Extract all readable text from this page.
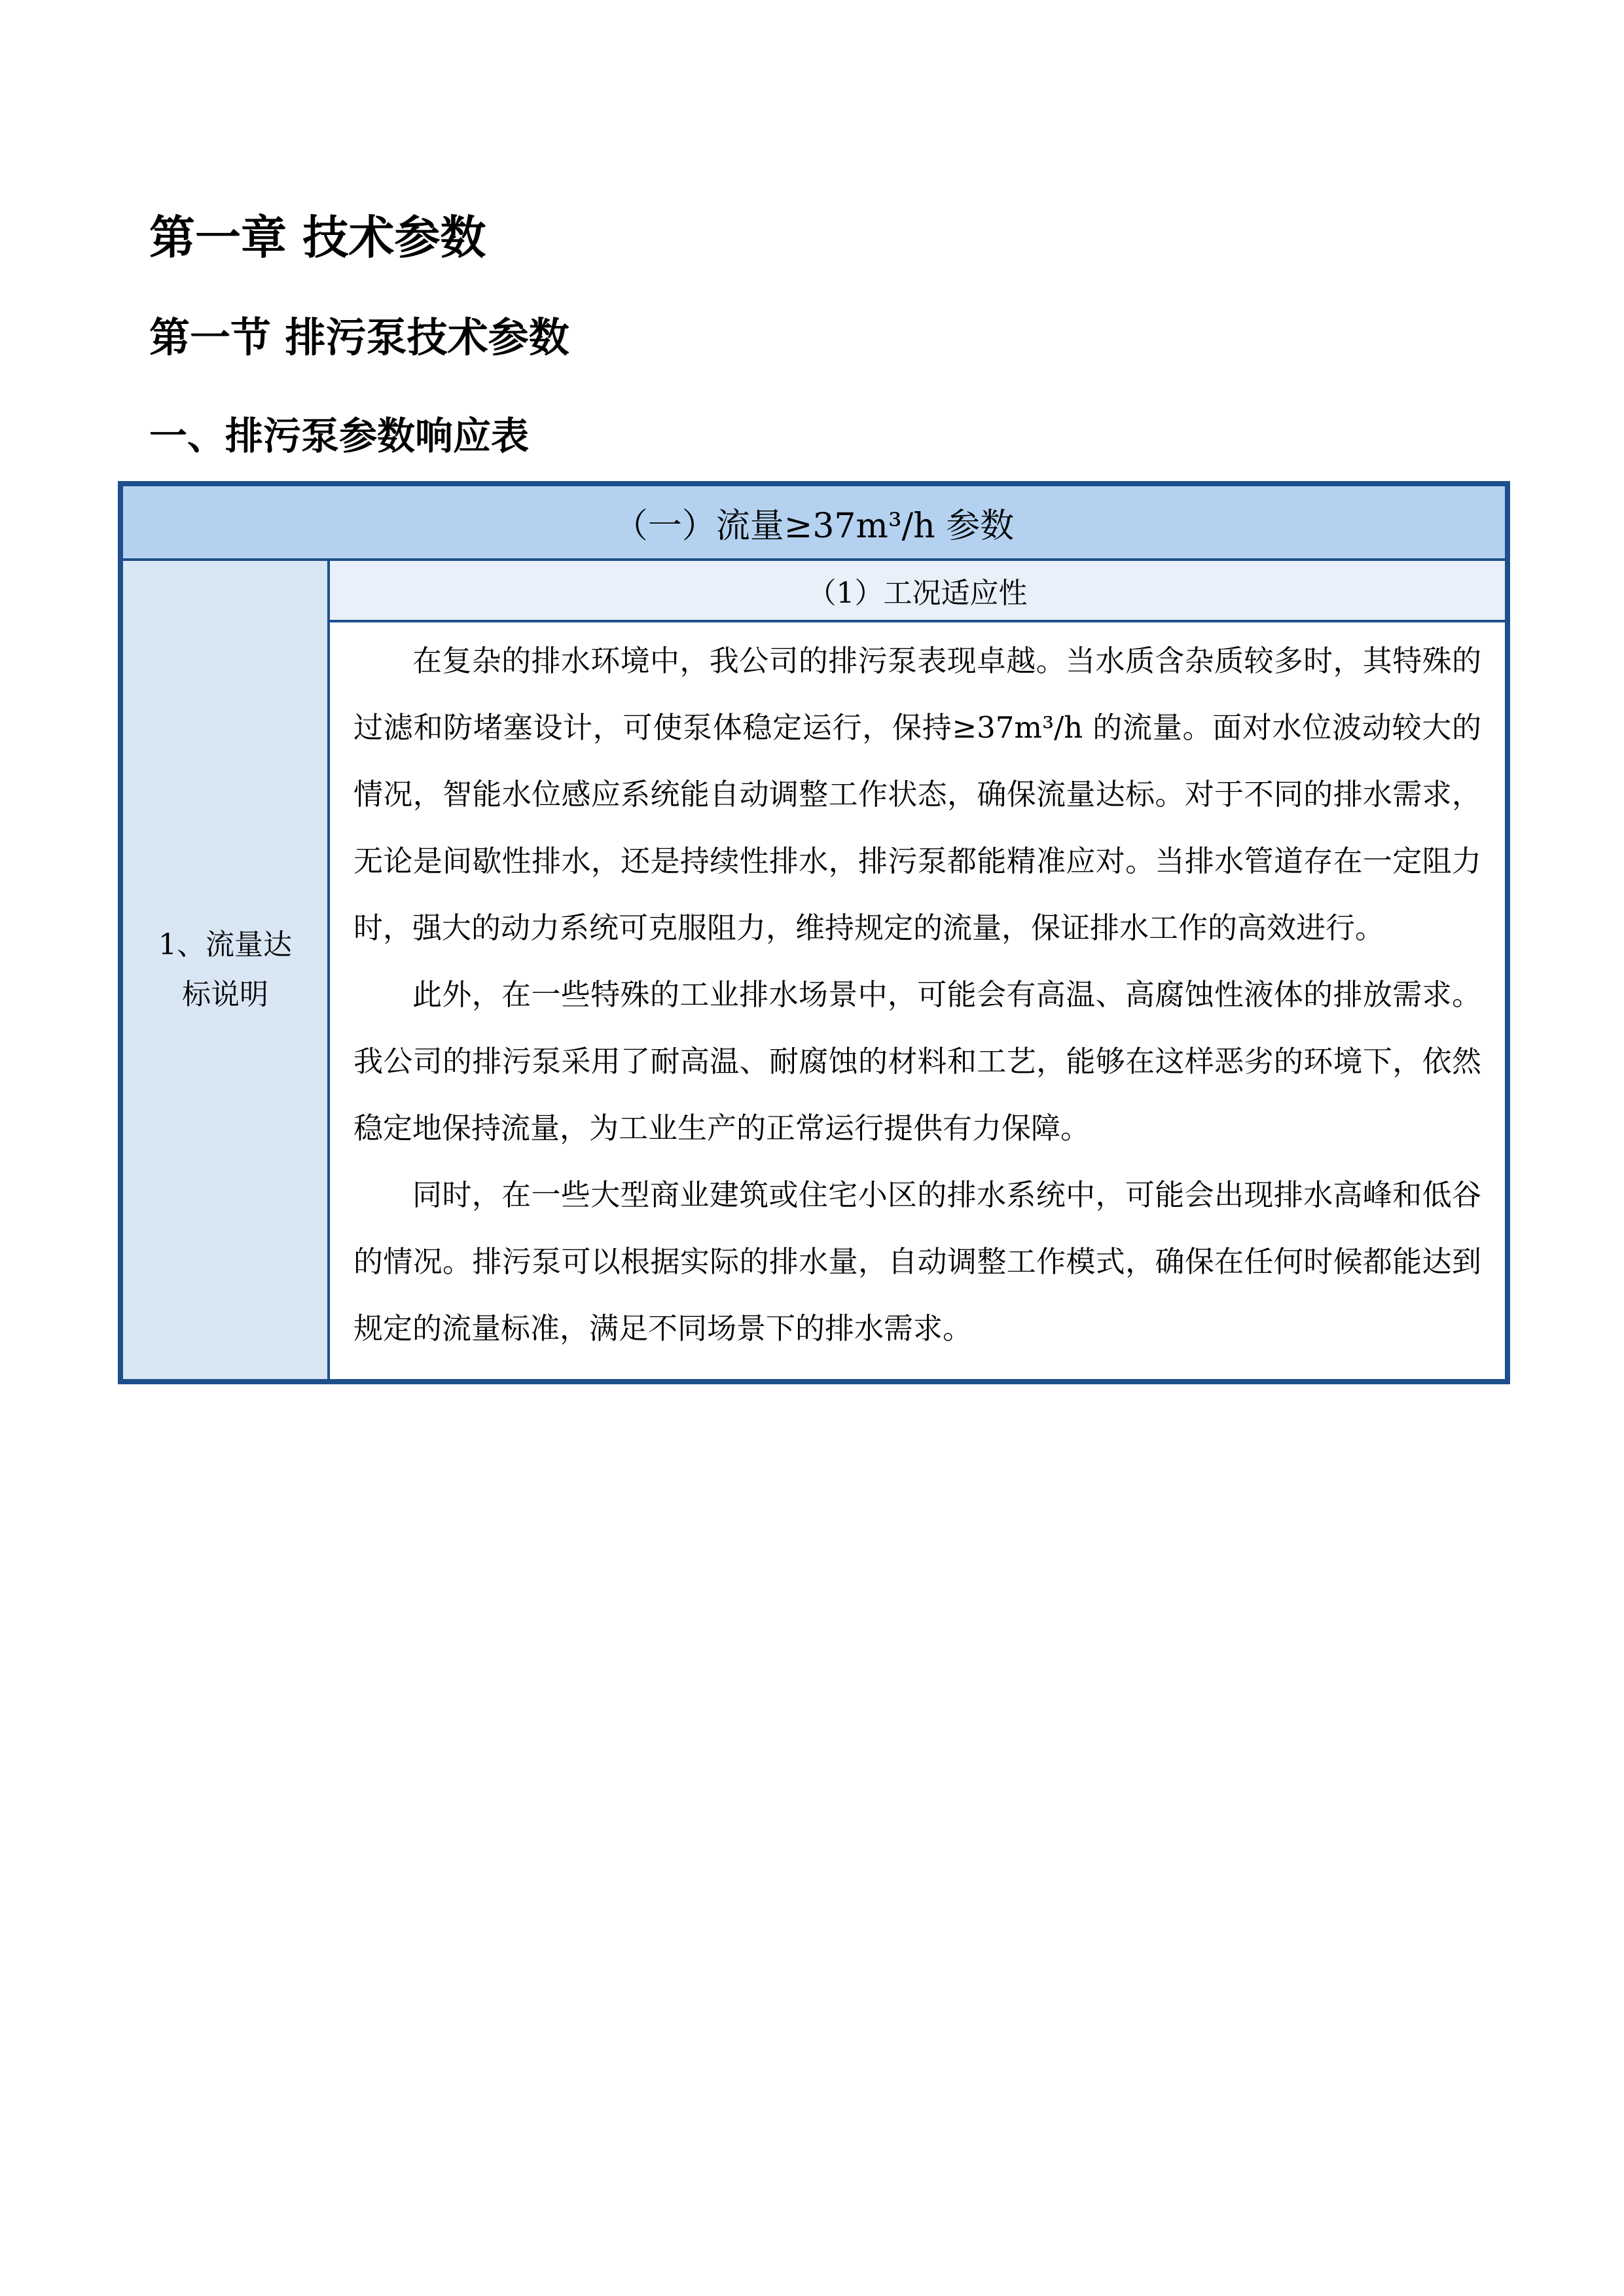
第一章 技术参数
第一节 排污泵技术参数
一、排污泵参数响应表
（一）流量≥37m³/h 参数
1、流量达标说明	（1）工况适应性

在复杂的排水环境中，我公司的排污泵表现卓越。当水质含杂质较多时，其特殊的过滤和防堵塞设计，可使泵体稳定运行，保持≥37m³/h 的流量。面对水位波动较大的情况，智能水位感应系统能自动调整工作状态，确保流量达标。对于不同的排水需求，无论是间歇性排水，还是持续性排水，排污泵都能精准应对。当排水管道存在一定阻力时，强大的动力系统可克服阻力，维持规定的流量，保证排水工作的高效进行。

此外，在一些特殊的工业排水场景中，可能会有高温、高腐蚀性液体的排放需求。我公司的排污泵采用了耐高温、耐腐蚀的材料和工艺，能够在这样恶劣的环境下，依然稳定地保持流量，为工业生产的正常运行提供有力保障。

同时，在一些大型商业建筑或住宅小区的排水系统中，可能会出现排水高峰和低谷的情况。排污泵可以根据实际的排水量，自动调整工作模式，确保在任何时候都能达到规定的流量标准，满足不同场景下的排水需求。
